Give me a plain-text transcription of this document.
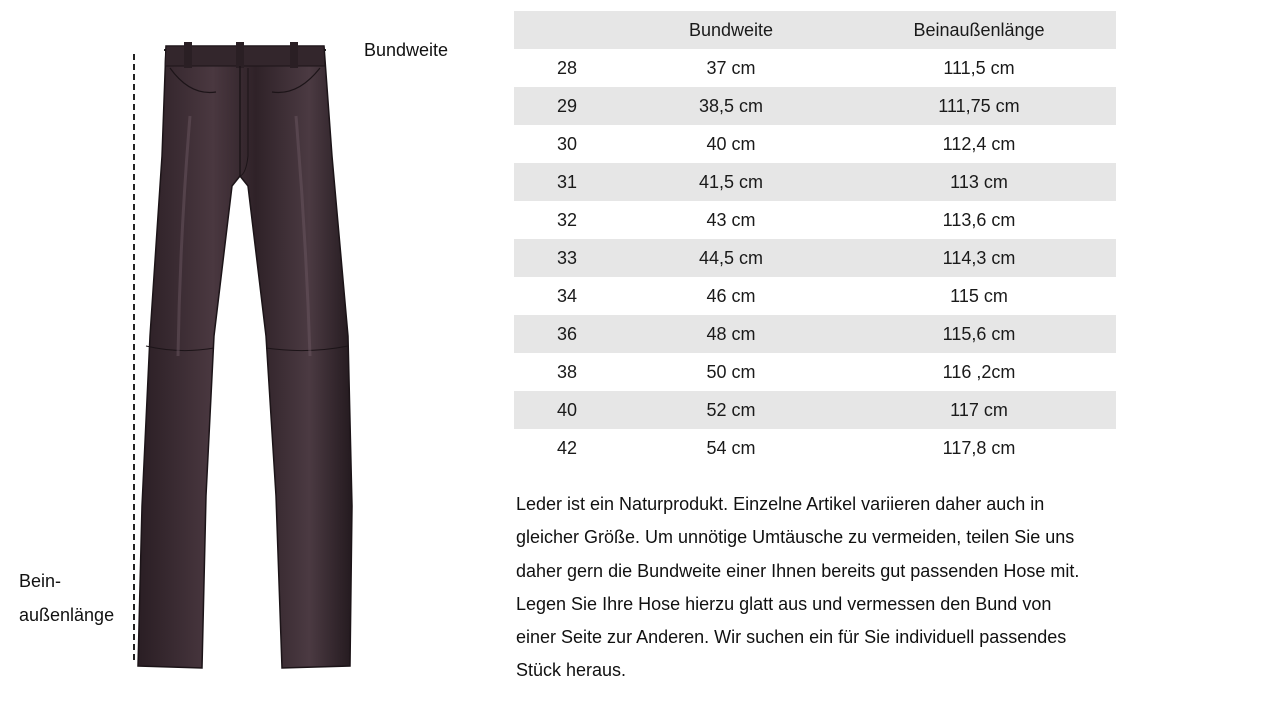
Bundweite
Bein-
außenlänge
	Bundweite	Beinaußenlänge
28	37 cm	111,5 cm
29	38,5 cm	111,75 cm
30	40 cm	112,4 cm
31	41,5 cm	113 cm
32	43 cm	113,6 cm
33	44,5 cm	114,3 cm
34	46 cm	115 cm
36	48 cm	115,6 cm
38	50 cm	116 ,2cm
40	52 cm	117 cm
42	54 cm	117,8 cm

Leder ist ein Naturprodukt. Einzelne Artikel variieren daher auch in
gleicher Größe. Um unnötige Umtäusche zu vermeiden, teilen Sie uns
daher gern die Bundweite einer Ihnen bereits gut passenden Hose mit.
Legen Sie Ihre Hose hierzu glatt aus und vermessen den Bund von
einer Seite zur Anderen. Wir suchen ein für Sie individuell passendes
Stück heraus.
